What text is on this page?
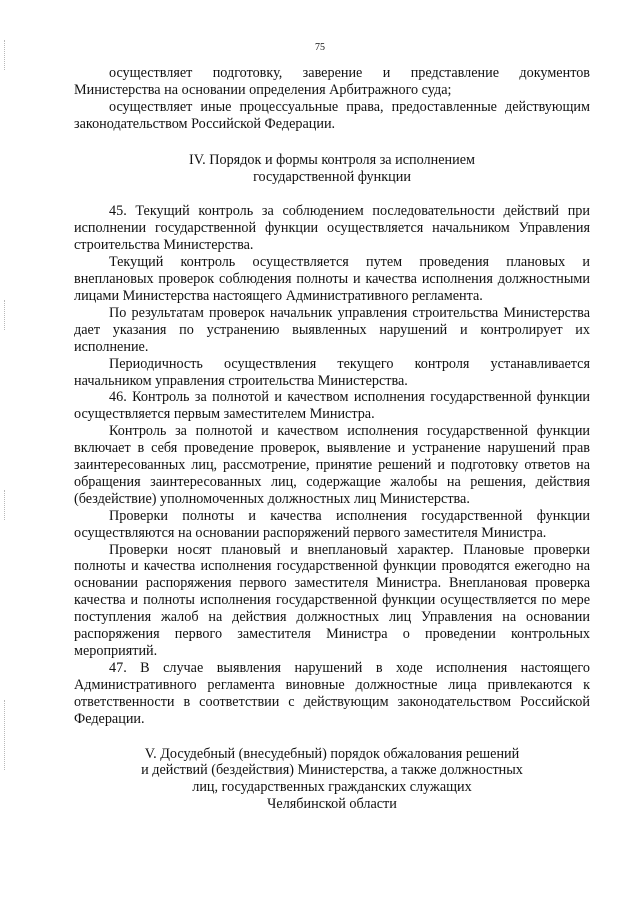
75

осуществляет подготовку, заверение и представление документов Министерства на основании определения Арбитражного суда;

осуществляет иные процессуальные права, предоставленные действующим законодательством Российской Федерации.

IV. Порядок и формы контроля за исполнением
государственной функции

45. Текущий контроль за соблюдением последовательности действий при исполнении государственной функции осуществляется начальником Управления строительства Министерства.

Текущий контроль осуществляется путем проведения плановых и внеплановых проверок соблюдения полноты и качества исполнения должностными лицами Министерства настоящего Административного регламента.

По результатам проверок начальник управления строительства Министерства дает указания по устранению выявленных нарушений и контролирует их исполнение.

Периодичность осуществления текущего контроля устанавливается начальником управления строительства Министерства.

46. Контроль за полнотой и качеством исполнения государственной функции осуществляется первым заместителем Министра.

Контроль за полнотой и качеством исполнения государственной функции включает в себя проведение проверок, выявление и устранение нарушений прав заинтересованных лиц, рассмотрение, принятие решений и подготовку ответов на обращения заинтересованных лиц, содержащие жалобы на решения, действия (бездействие) уполномоченных должностных лиц Министерства.

Проверки полноты и качества исполнения государственной функции осуществляются на основании распоряжений первого заместителя Министра.

Проверки носят плановый и внеплановый характер. Плановые проверки полноты и качества исполнения государственной функции проводятся ежегодно на основании распоряжения первого заместителя Министра. Внеплановая проверка качества и полноты исполнения государственной функции осуществляется по мере поступления жалоб на действия должностных лиц Управления на основании распоряжения первого заместителя Министра о проведении контрольных мероприятий.

47. В случае выявления нарушений в ходе исполнения настоящего Административного регламента виновные должностные лица привлекаются к ответственности в соответствии с действующим законодательством Российской Федерации.

V. Досудебный (внесудебный) порядок обжалования решений
и действий (бездействия) Министерства, а также должностных
лиц, государственных гражданских служащих
Челябинской области
